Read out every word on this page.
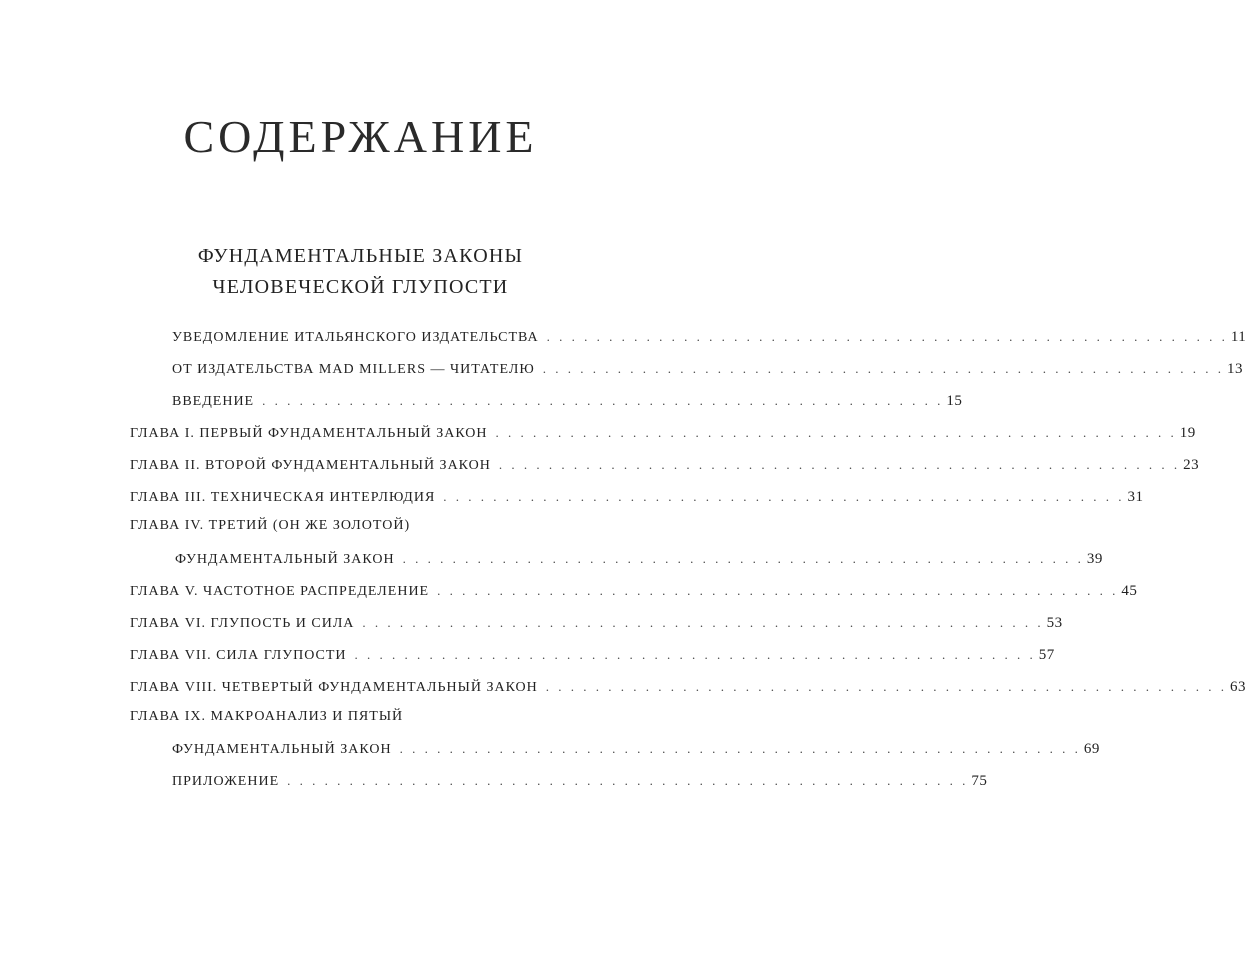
СОДЕРЖАНИЕ
ФУНДАМЕНТАЛЬНЫЕ ЗАКОНЫ
ЧЕЛОВЕЧЕСКОЙ ГЛУПОСТИ
УВЕДОМЛЕНИЕ ИТАЛЬЯНСКОГО ИЗДАТЕЛЬСТВА . . . . . . . . . . . . . . . . . . . . . . . . . . . . . . . . . . . . . . . . . . . . . . . . . . . . . . . 11
ОТ ИЗДАТЕЛЬСТВА MAD MILLERS — ЧИТАТЕЛЮ . . . . . . . . . . . . . . . . . . . . . . . . . . . . . . . . . . . . . . . . . . . . . . . . . . . . . . . 13
ВВЕДЕНИЕ . . . . . . . . . . . . . . . . . . . . . . . . . . . . . . . . . . . . . . . . . . . . . . . . . . . . . . . 15
ГЛАВА I. ПЕРВЫЙ ФУНДАМЕНТАЛЬНЫЙ ЗАКОН . . . . . . . . . . . . . . . . . . . . . . . . . . . . . . . . . . . . . . . . . . . . . . . . . . . . . . . 19
ГЛАВА II. ВТОРОЙ ФУНДАМЕНТАЛЬНЫЙ ЗАКОН . . . . . . . . . . . . . . . . . . . . . . . . . . . . . . . . . . . . . . . . . . . . . . . . . . . . . . . 23
ГЛАВА III. ТЕХНИЧЕСКАЯ ИНТЕРЛЮДИЯ . . . . . . . . . . . . . . . . . . . . . . . . . . . . . . . . . . . . . . . . . . . . . . . . . . . . . . . 31
ГЛАВА IV. ТРЕТИЙ (ОН ЖЕ ЗОЛОТОЙ)
ФУНДАМЕНТАЛЬНЫЙ ЗАКОН . . . . . . . . . . . . . . . . . . . . . . . . . . . . . . . . . . . . . . . . . . . . . . . . . . . . . . . 39
ГЛАВА V. ЧАСТОТНОЕ РАСПРЕДЕЛЕНИЕ . . . . . . . . . . . . . . . . . . . . . . . . . . . . . . . . . . . . . . . . . . . . . . . . . . . . . . . 45
ГЛАВА VI. ГЛУПОСТЬ И СИЛА . . . . . . . . . . . . . . . . . . . . . . . . . . . . . . . . . . . . . . . . . . . . . . . . . . . . . . . 53
ГЛАВА VII. СИЛА ГЛУПОСТИ . . . . . . . . . . . . . . . . . . . . . . . . . . . . . . . . . . . . . . . . . . . . . . . . . . . . . . . 57
ГЛАВА VIII. ЧЕТВЕРТЫЙ ФУНДАМЕНТАЛЬНЫЙ ЗАКОН . . . . . . . . . . . . . . . . . . . . . . . . . . . . . . . . . . . . . . . . . . . . . . . . . . . . . . . 63
ГЛАВА IX. МАКРОАНАЛИЗ И ПЯТЫЙ
ФУНДАМЕНТАЛЬНЫЙ ЗАКОН . . . . . . . . . . . . . . . . . . . . . . . . . . . . . . . . . . . . . . . . . . . . . . . . . . . . . . . 69
ПРИЛОЖЕНИЕ . . . . . . . . . . . . . . . . . . . . . . . . . . . . . . . . . . . . . . . . . . . . . . . . . . . . . . . 75
